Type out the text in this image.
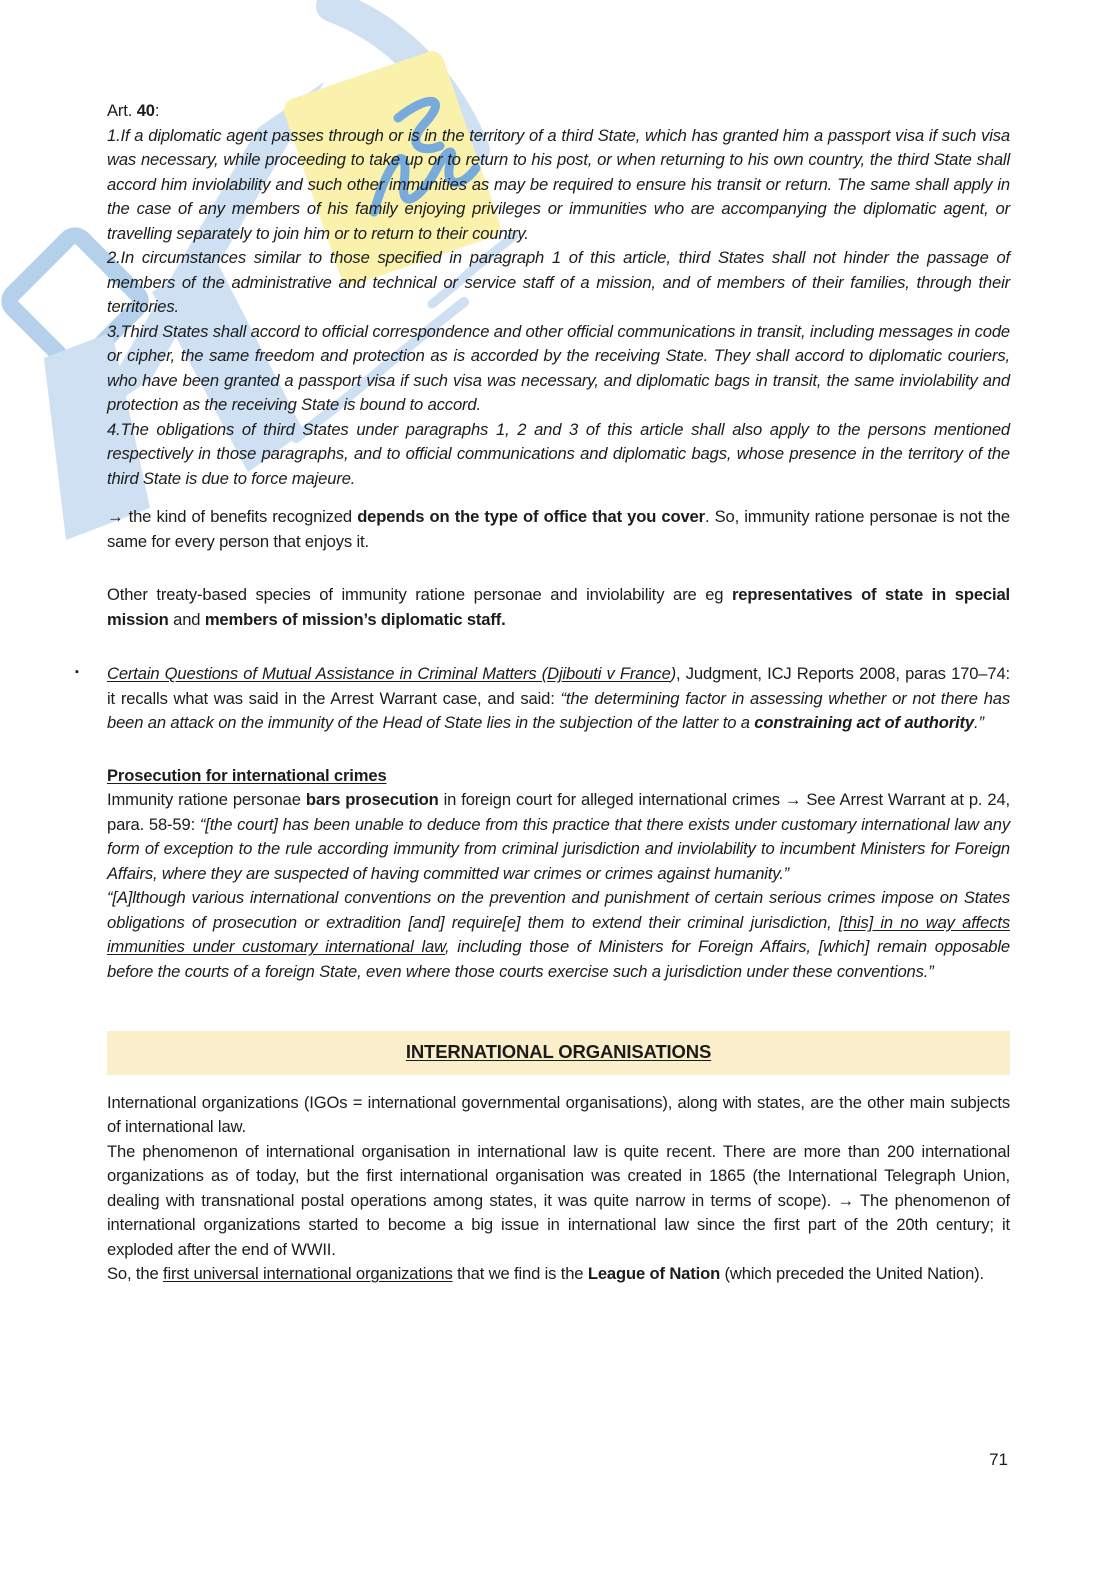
Art. 40:

1.If a diplomatic agent passes through or is in the territory of a third State, which has granted him a passport visa if such visa was necessary, while proceeding to take up or to return to his post, or when returning to his own country, the third State shall accord him inviolability and such other immunities as may be required to ensure his transit or return. The same shall apply in the case of any members of his family enjoying privileges or immunities who are accompanying the diplomatic agent, or travelling separately to join him or to return to their country.

2.In circumstances similar to those specified in paragraph 1 of this article, third States shall not hinder the passage of members of the administrative and technical or service staff of a mission, and of members of their families, through their territories.

3.Third States shall accord to official correspondence and other official communications in transit, including messages in code or cipher, the same freedom and protection as is accorded by the receiving State. They shall accord to diplomatic couriers, who have been granted a passport visa if such visa was necessary, and diplomatic bags in transit, the same inviolability and protection as the receiving State is bound to accord.

4.The obligations of third States under paragraphs 1, 2 and 3 of this article shall also apply to the persons mentioned respectively in those paragraphs, and to official communications and diplomatic bags, whose presence in the territory of the third State is due to force majeure.

→ the kind of benefits recognized depends on the type of office that you cover. So, immunity ratione personae is not the same for every person that enjoys it.

Other treaty-based species of immunity ratione personae and inviolability are eg representatives of state in special mission and members of mission’s diplomatic staff.

▪ Certain Questions of Mutual Assistance in Criminal Matters (Djibouti v France), Judgment, ICJ Reports 2008, paras 170–74: it recalls what was said in the Arrest Warrant case, and said: “the determining factor in assessing whether or not there has been an attack on the immunity of the Head of State lies in the subjection of the latter to a constraining act of authority.”

Prosecution for international crimes

Immunity ratione personae bars prosecution in foreign court for alleged international crimes → See Arrest Warrant at p. 24, para. 58-59: “[the court] has been unable to deduce from this practice that there exists under customary international law any form of exception to the rule according immunity from criminal jurisdiction and inviolability to incumbent Ministers for Foreign Affairs, where they are suspected of having committed war crimes or crimes against humanity.”

“[A]lthough various international conventions on the prevention and punishment of certain serious crimes impose on States obligations of prosecution or extradition [and] require[e] them to extend their criminal jurisdiction, [this] in no way affects immunities under customary international law, including those of Ministers for Foreign Affairs, [which] remain opposable before the courts of a foreign State, even where those courts exercise such a jurisdiction under these conventions.”

INTERNATIONAL ORGANISATIONS

International organizations (IGOs = international governmental organisations), along with states, are the other main subjects of international law.

The phenomenon of international organisation in international law is quite recent. There are more than 200 international organizations as of today, but the first international organisation was created in 1865 (the International Telegraph Union, dealing with transnational postal operations among states, it was quite narrow in terms of scope). → The phenomenon of international organizations started to become a big issue in international law since the first part of the 20th century; it exploded after the end of WWII.

So, the first universal international organizations that we find is the League of Nation (which preceded the United Nation).

71
